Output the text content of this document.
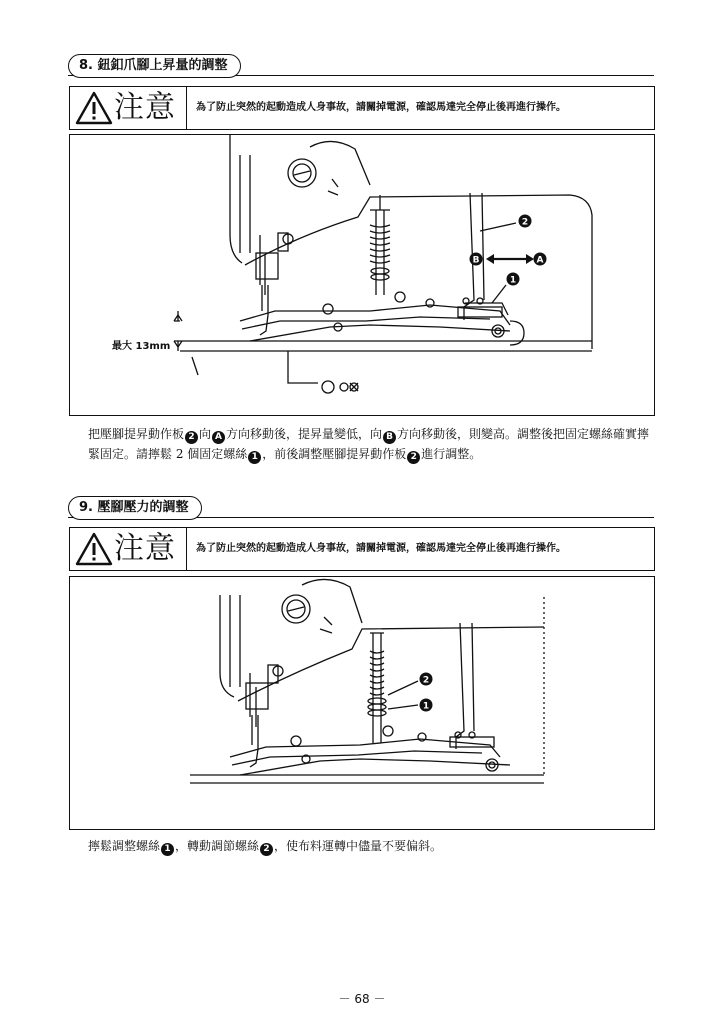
8. 鈕釦爪腳上昇量的調整
注意 為了防止突然的起動造成人身事故，請關掉電源，確認馬達完全停止後再進行操作。
2
B	A
1
最大 13mm
把壓腳提昇動作板 2 向 A 方向移動後，提昇量變低，向 B 方向移動後，則變高。調整後把固定螺絲確實擰緊固定。請擰鬆 2 個固定螺絲 1 ，前後調整壓腳提昇動作板 2 進行調整。
9. 壓腳壓力的調整
注意 為了防止突然的起動造成人身事故，請關掉電源，確認馬達完全停止後再進行操作。
2
1
擰鬆調整螺絲 1 ，轉動調節螺絲 2 ，使布料運轉中儘量不要偏斜。
－ 68 －
